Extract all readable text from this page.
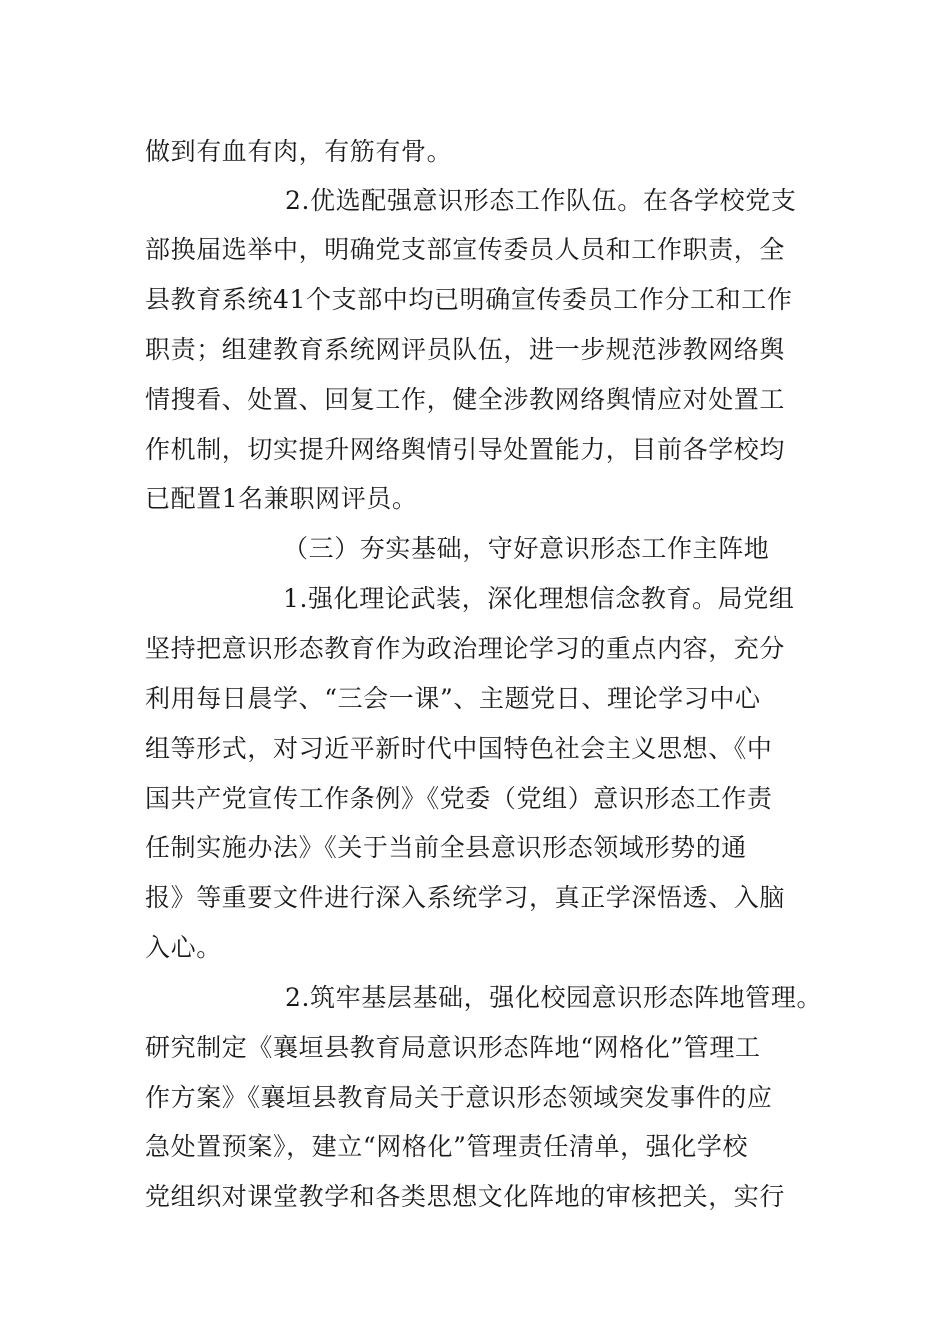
做到有血有肉，有筋有骨。
2.优选配强意识形态工作队伍。在各学校党支
部换届选举中，明确党支部宣传委员人员和工作职责，全
县教育系统41个支部中均已明确宣传委员工作分工和工作
职责；组建教育系统网评员队伍，进一步规范涉教网络舆
情搜看、处置、回复工作，健全涉教网络舆情应对处置工
作机制，切实提升网络舆情引导处置能力，目前各学校均
已配置1名兼职网评员。
（三）夯实基础，守好意识形态工作主阵地
1.强化理论武装，深化理想信念教育。局党组
坚持把意识形态教育作为政治理论学习的重点内容，充分
利用每日晨学、“三会一课”、主题党日、理论学习中心
组等形式，对习近平新时代中国特色社会主义思想、《中
国共产党宣传工作条例》《党委（党组）意识形态工作责
任制实施办法》《关于当前全县意识形态领域形势的通
报》等重要文件进行深入系统学习，真正学深悟透、入脑
入心。
2.筑牢基层基础，强化校园意识形态阵地管理。
研究制定《襄垣县教育局意识形态阵地“网格化”管理工
作方案》《襄垣县教育局关于意识形态领域突发事件的应
急处置预案》，建立“网格化”管理责任清单，强化学校
党组织对课堂教学和各类思想文化阵地的审核把关，实行
